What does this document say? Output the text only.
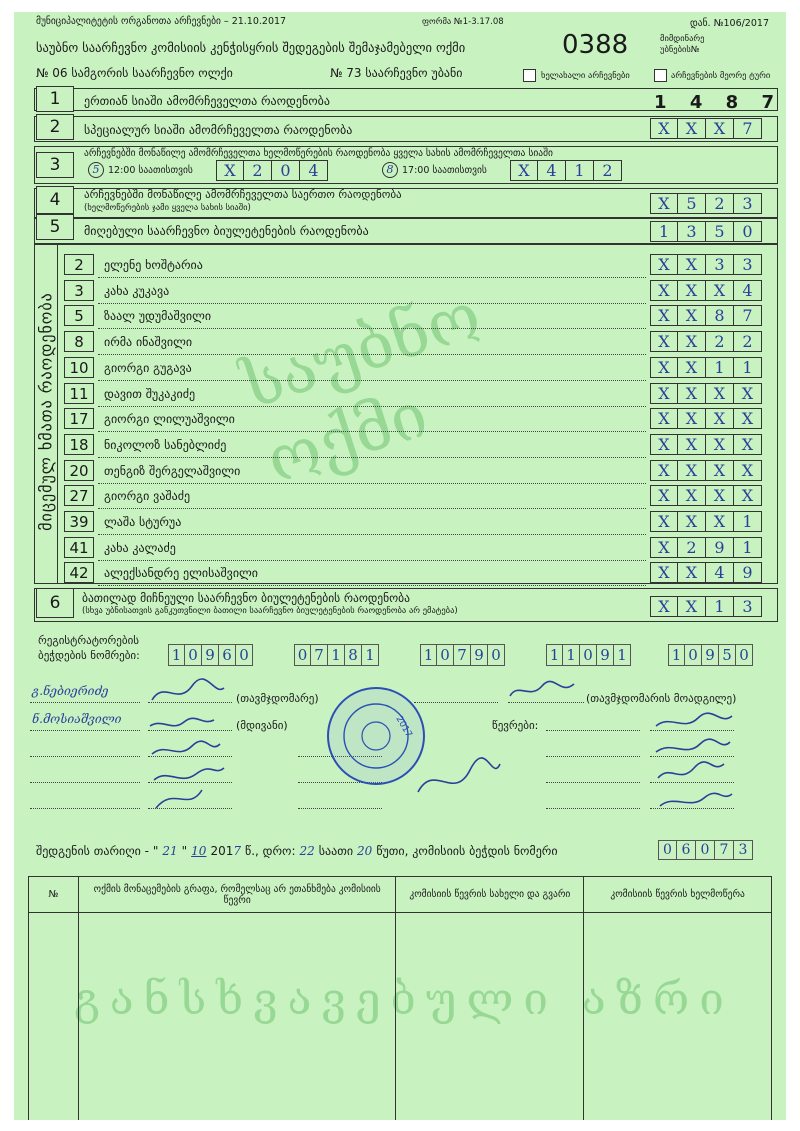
საუბნო ოქმი
განსხვავებული აზრი
მუნიციპალიტეტის ორგანოთა არჩევნები – 21.10.2017	ფორმა №1-3.17.08	დან. №106/2017
საუბნო საარჩევნო კომისიის კენჭისყრის შედეგების შემაჯამებელი ოქმი	0388	მიმდინარე
უბნების№
№ 06 სამგორის საარჩევნო ოლქი	№ 73 საარჩევნო უბანი	ხელახალი არჩევნები	არჩევნების მეორე ტური
1	ერთიან სიაში ამომრჩეველთა რაოდენობა	1 4 8 7
2	სპეციალურ სიაში ამომრჩეველთა რაოდენობა	X	X	X	7
3
არჩევნებში მონაწილე ამომრჩეველთა ხელმოწერების რაოდენობა ყველა სახის ამომრჩეველთა სიაში
5 12:00 საათისთვის	X	2	0	4	8 17:00 საათისთვის	X	4	1	2
4	არჩევნებში მონაწილე ამომრჩეველთა საერთო რაოდენობა
(ხელმოწერების ჯამი ყველა სახის სიაში)	X	5	2	3
5	მიღებული საარჩევნო ბიულეტენების რაოდენობა	1	3	5	0
მიცემულ ხმათა რაოდენობა
2	ელენე ხოშტარია	X	X	3	3
3	კახა კუკავა	X	X	X	4
5	ზაალ უდუმაშვილი	X	X	8	7
8	ირმა ინაშვილი	X	X	2	2
10	გიორგი გუგავა	X	X	1	1
11	დავით შუკაკიძე	X	X	X	X
17	გიორგი ლილუაშვილი	X	X	X	X
18	ნიკოლოზ სანებლიძე	X	X	X	X
20	თენგიზ შერგელაშვილი	X	X	X	X
27	გიორგი ვაშაძე	X	X	X	X
39	ლაშა სტურუა	X	X	X	1
41	კახა კალაძე	X	2	9	1
42	ალექსანდრე ელისაშვილი	X	X	4	9
6	ბათილად მიჩნეული საარჩევნო ბიულეტენების რაოდენობა
(სხვა უბნისათვის განკუთვნილი ბათილი საარჩევნო ბიულეტენების რაოდენობა არ ემატება)	X	X	1	3
რეგისტრატორების
ბეჭდების ნომრები: 1 0 9 6 0	0 7 1 8 1	1 0 7 9 0	1 1 0 9 1	1 0 9 5 0
გ.ნებიერიძე
(თავმჯდომარე)	(თავმჯდომარის მოადგილე)
ნ.მოსიაშვილი	(მდივანი)	წევრები:
2017
შედგენის თარიღი - " 21 " 10 201 7 წ., დრო: 22 საათი 20 წუთი, კომისიის ბეჭდის ნომერი	0 6 0 7 3
№	ოქმის მონაცემების გრაფა, რომელსაც არ ეთანხმება კომისიის წევრი	კომისიის წევრის სახელი და გვარი	კომისიის წევრის ხელმოწერა
